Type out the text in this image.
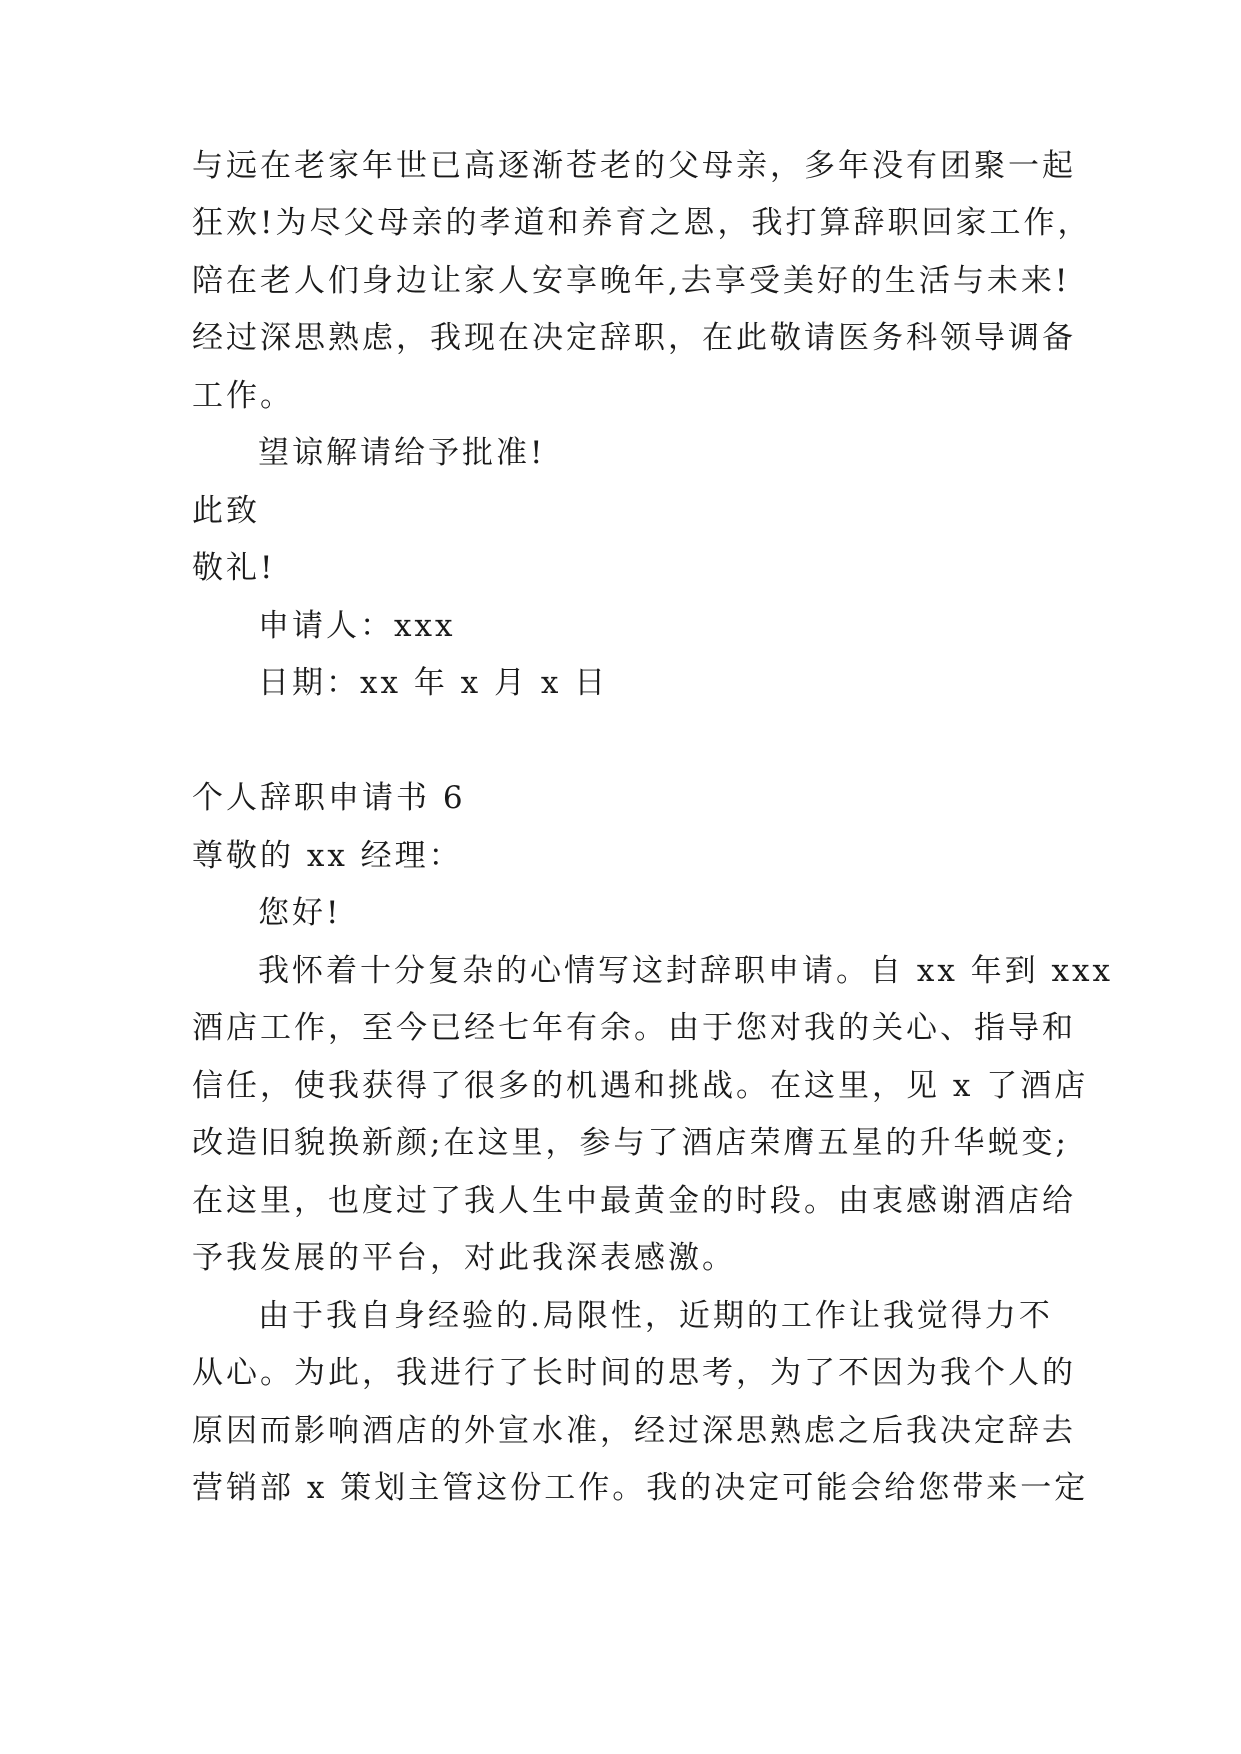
与远在老家年世已高逐渐苍老的父母亲，多年没有团聚一起
狂欢!为尽父母亲的孝道和养育之恩，我打算辞职回家工作，
陪在老人们身边让家人安享晚年,去享受美好的生活与未来!
经过深思熟虑，我现在决定辞职，在此敬请医务科领导调备
工作。
望谅解请给予批准!
此致
敬礼!
申请人：xxx
日期：xx 年 x 月 x 日
个人辞职申请书 6
尊敬的 xx 经理：
您好!
我怀着十分复杂的心情写这封辞职申请。自 xx 年到 xxx
酒店工作，至今已经七年有余。由于您对我的关心、指导和
信任，使我获得了很多的机遇和挑战。在这里，见 x 了酒店
改造旧貌换新颜;在这里，参与了酒店荣膺五星的升华蜕变;
在这里，也度过了我人生中最黄金的时段。由衷感谢酒店给
予我发展的平台，对此我深表感激。
由于我自身经验的.局限性，近期的工作让我觉得力不
从心。为此，我进行了长时间的思考，为了不因为我个人的
原因而影响酒店的外宣水准，经过深思熟虑之后我决定辞去
营销部 x 策划主管这份工作。我的决定可能会给您带来一定
